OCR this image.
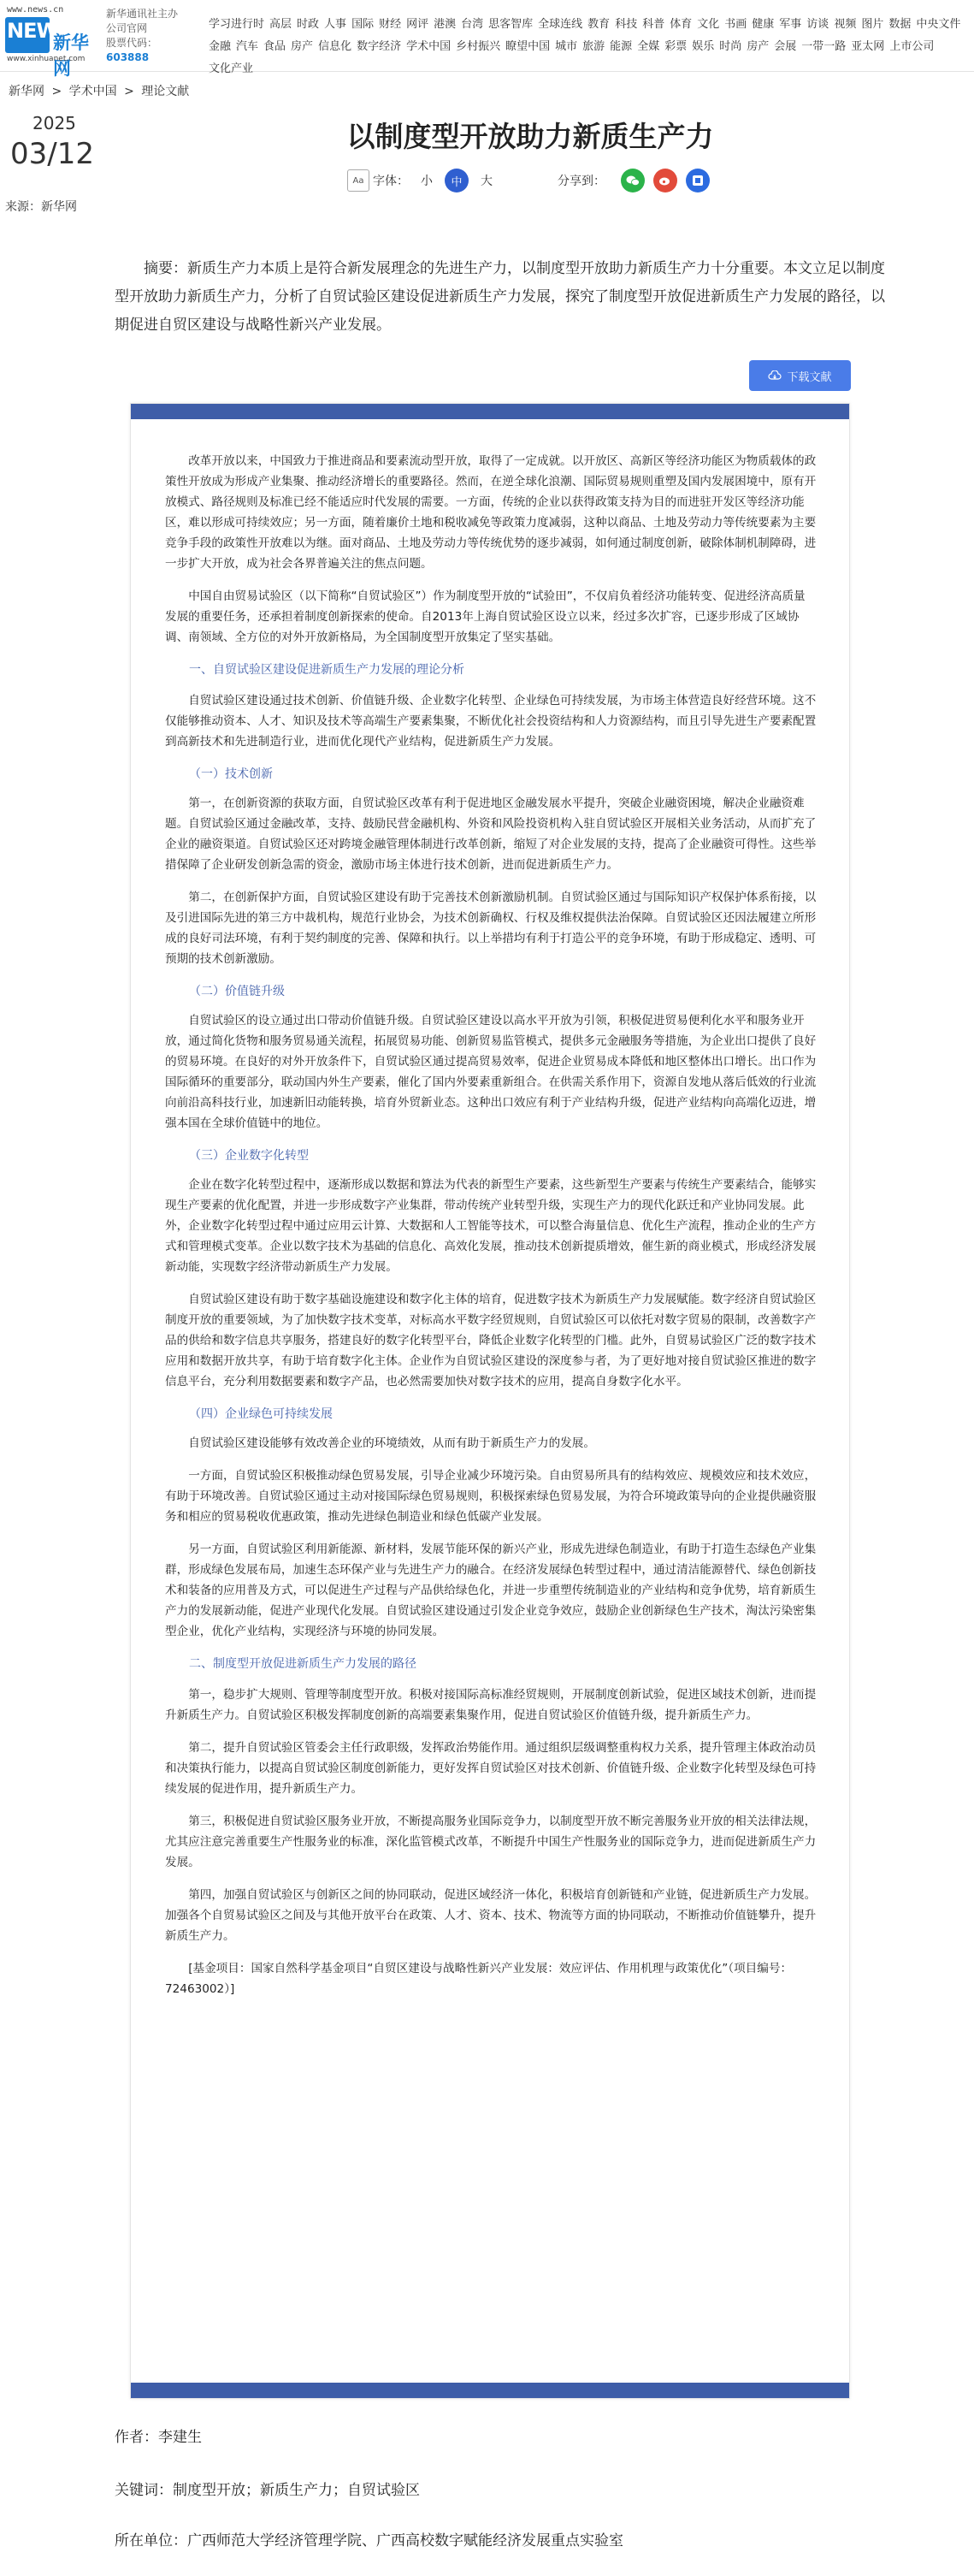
www.news.cn
NEWS
新华网
www.xinhuanet.com
新华通讯社主办
公司官网
股票代码：603888
学习进行时 高层 时政 人事 国际 财经 网评 港澳 台湾 思客智库 全球连线 教育 科技 科普 体育 文化 书画 健康 军事 访谈 视频 图片 数据 中央文件金融 汽车 食品 房产 信息化 数字经济 学术中国 乡村振兴 瞭望中国 城市 旅游 能源 全媒 彩票 娱乐 时尚 房产 会展 一带一路 亚太网 上市公司文化产业
新华网 > 学术中国 > 理论文献
2025
03/12
来源：新华网
以制度型开放助力新质生产力
Aa 字体： 小	中	大	分享到：

摘要：新质生产力本质上是符合新发展理念的先进生产力，以制度型开放助力新质生产力十分重要。本文立足以制度型开放助力新质生产力，分析了自贸试验区建设促进新质生产力发展，探究了制度型开放促进新质生产力发展的路径，以期促进自贸区建设与战略性新兴产业发展。

下载文献

改革开放以来，中国致力于推进商品和要素流动型开放，取得了一定成就。以开放区、高新区等经济功能区为物质载体的政策性开放成为形成产业集聚、推动经济增长的重要路径。然而，在逆全球化浪潮、国际贸易规则重塑及国内发展困境中，原有开放模式、路径规则及标准已经不能适应时代发展的需要。一方面，传统的企业以获得政策支持为目的而进驻开发区等经济功能区，难以形成可持续效应；另一方面，随着廉价土地和税收减免等政策力度减弱，这种以商品、土地及劳动力等传统要素为主要竞争手段的政策性开放难以为继。面对商品、土地及劳动力等传统优势的逐步减弱，如何通过制度创新，破除体制机制障碍，进一步扩大开放，成为社会各界普遍关注的焦点问题。

中国自由贸易试验区（以下简称“自贸试验区”）作为制度型开放的“试验田”，不仅肩负着经济功能转变、促进经济高质量发展的重要任务，还承担着制度创新探索的使命。自2013年上海自贸试验区设立以来，经过多次扩容，已逐步形成了区域协调、南领域、全方位的对外开放新格局，为全国制度型开放集定了坚实基础。

一、自贸试验区建设促进新质生产力发展的理论分析

自贸试验区建设通过技术创新、价值链升级、企业数字化转型、企业绿色可持续发展，为市场主体营造良好经营环境。这不仅能够推动资本、人才、知识及技术等高端生产要素集聚，不断优化社会投资结构和人力资源结构，而且引导先进生产要素配置到高新技术和先进制造行业，进而优化现代产业结构，促进新质生产力发展。

（一）技术创新

第一，在创新资源的获取方面，自贸试验区改革有利于促进地区金融发展水平提升，突破企业融资困境，解决企业融资难题。自贸试验区通过金融改革，支持、鼓励民营金融机构、外资和风险投资机构入驻自贸试验区开展相关业务活动，从而扩充了企业的融资渠道。自贸试验区还对跨境金融管理体制进行改革创新，缩短了对企业发展的支持，提高了企业融资可得性。这些举措保障了企业研发创新急需的资金，激励市场主体进行技术创新，进而促进新质生产力。

第二，在创新保护方面，自贸试验区建设有助于完善技术创新激励机制。自贸试验区通过与国际知识产权保护体系衔接，以及引进国际先进的第三方中裁机构，规范行业协会，为技术创新确权、行权及维权提供法治保障。自贸试验区还因法履建立所形成的良好司法环境，有利于契约制度的完善、保障和执行。以上举措均有利于打造公平的竞争环境，有助于形成稳定、透明、可预期的技术创新激励。

（二）价值链升级

自贸试验区的设立通过出口带动价值链升级。自贸试验区建设以高水平开放为引领，积极促进贸易便利化水平和服务业开放，通过简化货物和服务贸易通关流程，拓展贸易功能、创新贸易监管模式，提供多元金融服务等措施，为企业出口提供了良好的贸易环境。在良好的对外开放条件下，自贸试验区通过提高贸易效率，促进企业贸易成本降低和地区整体出口增长。出口作为国际循环的重要部分，联动国内外生产要素，催化了国内外要素重新组合。在供需关系作用下，资源自发地从落后低效的行业流向前沿高科技行业，加速新旧动能转换，培育外贸新业态。这种出口效应有利于产业结构升级，促进产业结构向高端化迈进，增强本国在全球价值链中的地位。

（三）企业数字化转型

企业在数字化转型过程中，逐渐形成以数据和算法为代表的新型生产要素，这些新型生产要素与传统生产要素结合，能够实现生产要素的优化配置，并进一步形成数字产业集群，带动传统产业转型升级，实现生产力的现代化跃迁和产业协同发展。此外，企业数字化转型过程中通过应用云计算、大数据和人工智能等技术，可以整合海量信息、优化生产流程，推动企业的生产方式和管理模式变革。企业以数字技术为基础的信息化、高效化发展，推动技术创新提质增效，催生新的商业模式，形成经济发展新动能，实现数字经济带动新质生产力发展。

自贸试验区建设有助于数字基础设施建设和数字化主体的培育，促进数字技术为新质生产力发展赋能。数字经济自贸试验区制度开放的重要领域，为了加快数字技术变革，对标高水平数字经贸规则，自贸试验区可以依托对数字贸易的限制，改善数字产品的供给和数字信息共享服务，搭建良好的数字化转型平台，降低企业数字化转型的门槛。此外，自贸易试验区广泛的数字技术应用和数据开放共享，有助于培育数字化主体。企业作为自贸试验区建设的深度参与者，为了更好地对接自贸试验区推进的数字信息平台，充分利用数据要素和数字产品，也必然需要加快对数字技术的应用，提高自身数字化水平。

（四）企业绿色可持续发展

自贸试验区建设能够有效改善企业的环境绩效，从而有助于新质生产力的发展。

一方面，自贸试验区积极推动绿色贸易发展，引导企业减少环境污染。自由贸易所具有的结构效应、规模效应和技术效应，有助于环境改善。自贸试验区通过主动对接国际绿色贸易规则，积极探索绿色贸易发展，为符合环境政策导向的企业提供融资服务和相应的贸易税收优惠政策，推动先进绿色制造业和绿色低碳产业发展。

另一方面，自贸试验区利用新能源、新材料，发展节能环保的新兴产业，形成先进绿色制造业，有助于打造生态绿色产业集群，形成绿色发展布局，加速生态环保产业与先进生产力的融合。在经济发展绿色转型过程中，通过清洁能源替代、绿色创新技术和装备的应用普及方式，可以促进生产过程与产品供给绿色化，并进一步重塑传统制造业的产业结构和竞争优势，培育新质生产力的发展新动能，促进产业现代化发展。自贸试验区建设通过引发企业竞争效应，鼓励企业创新绿色生产技术，淘汰污染密集型企业，优化产业结构，实现经济与环境的协同发展。

二、制度型开放促进新质生产力发展的路径

第一，稳步扩大规则、管理等制度型开放。积极对接国际高标准经贸规则，开展制度创新试验，促进区域技术创新，进而提升新质生产力。自贸试验区积极发挥制度创新的高端要素集聚作用，促进自贸试验区价值链升级，提升新质生产力。

第二，提升自贸试验区管委会主任行政职级，发挥政治势能作用。通过组织层级调整重构权力关系，提升管理主体政治动员和决策执行能力，以提高自贸试验区制度创新能力，更好发挥自贸试验区对技术创新、价值链升级、企业数字化转型及绿色可持续发展的促进作用，提升新质生产力。

第三，积极促进自贸试验区服务业开放，不断提高服务业国际竞争力，以制度型开放不断完善服务业开放的相关法律法规，尤其应注意完善重要生产性服务业的标准，深化监管模式改革，不断提升中国生产性服务业的国际竞争力，进而促进新质生产力发展。

第四，加强自贸试验区与创新区之间的协同联动，促进区域经济一体化，积极培育创新链和产业链，促进新质生产力发展。加强各个自贸易试验区之间及与其他开放平台在政策、人才、资本、技术、物流等方面的协同联动，不断推动价值链攀升，提升新质生产力。

[基金项目：国家自然科学基金项目“自贸区建设与战略性新兴产业发展：效应评估、作用机理与政策优化”（项目编号：72463002）]

作者：李建生
关键词：制度型开放；新质生产力；自贸试验区
所在单位：广西师范大学经济管理学院、广西高校数字赋能经济发展重点实验室
